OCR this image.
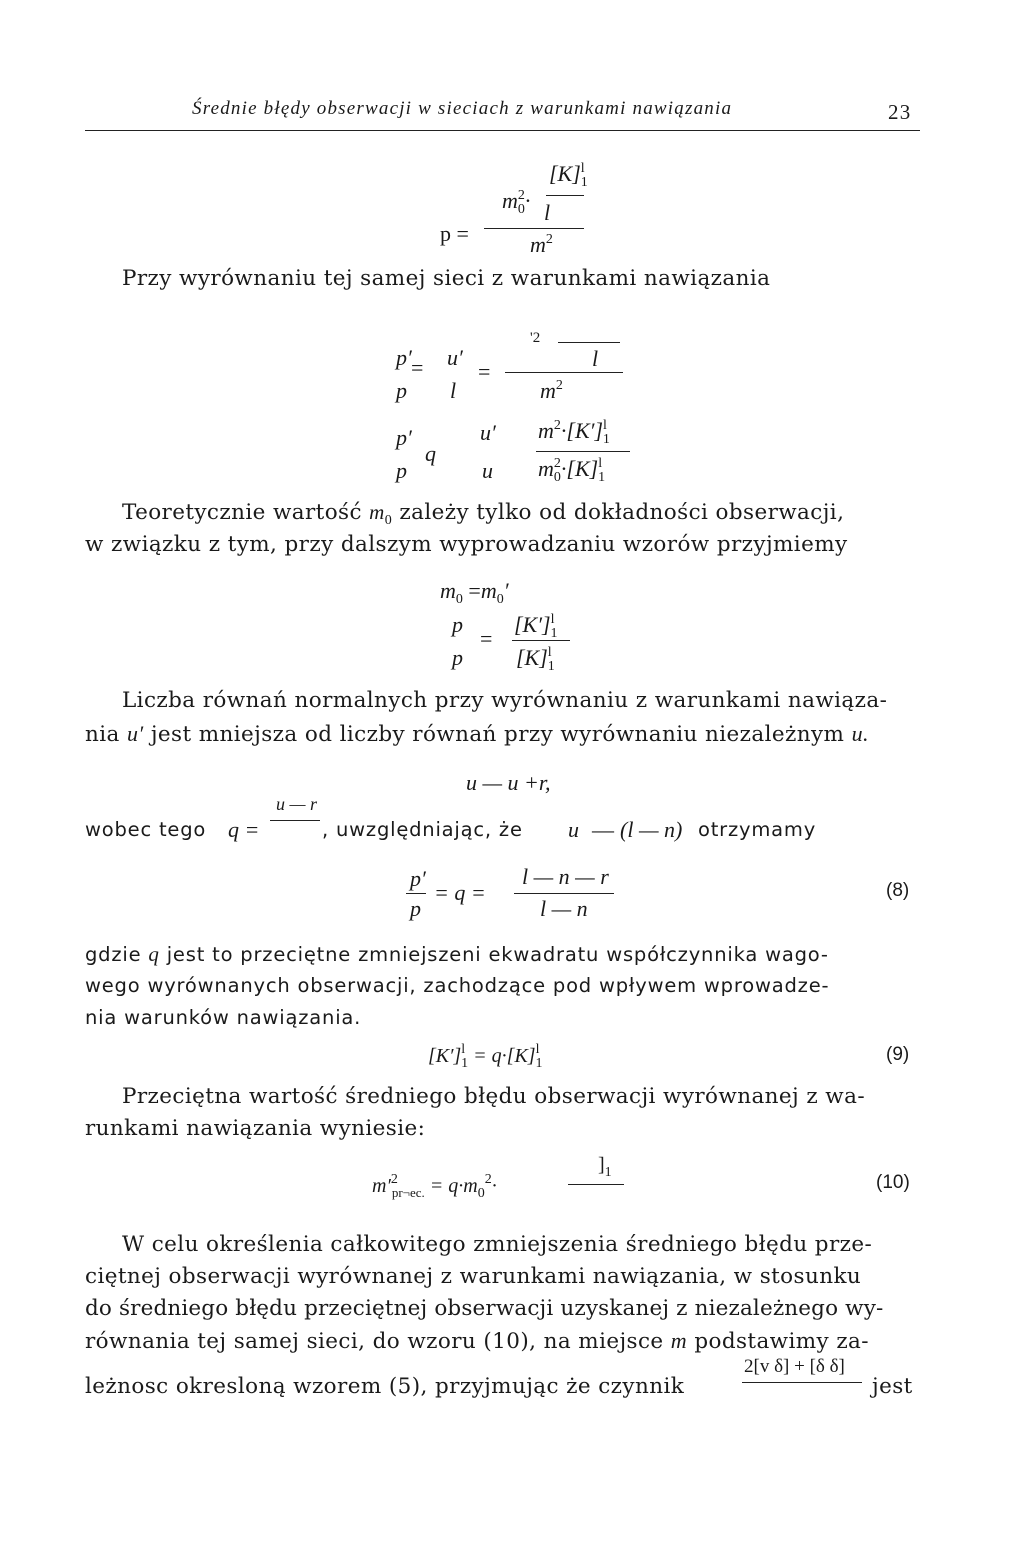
Średnie błędy obserwacji w sieciach z warunkami nawiązania	23
p =
$m^2_0\cdot$
$[K]^l_1$
l
$m^2$
Przy wyrównaniu tej samej sieci z warunkami nawiązania
p′ =
p
u′
l
=
'2
l
$m^2$
p′
p
q
u′
u
$m^2\cdot[K']^l_1$
$m^2_0\cdot[K]^l_1$
Teoretycznie wartość $m_0$ zależy tylko od dokładności obserwacji,
w związku z tym, przy dalszym wyprowadzaniu wzorów przyjmiemy
$m_0 =m_0'$
p
p
=
$[K']^l_1$
$[K]^l_1$
Liczba równań normalnych przy wyrównaniu z warunkami nawiąza-
nia u′ jest mniejsza od liczby równań przy wyrównaniu niezależnym u.
u — u +r,
wobec tego q =
u — r
, uwzględniając, że u — (l — n) otrzymamy
p′
p
= q =
l — n — r
l — n
(8)
gdzie q jest to przeciętne zmniejszeni ekwadratu współczynnika wago-
wego wyrównanych obserwacji, zachodzące pod wpływem wprowadze-
nia warunków nawiązania.
$[K']^l_1 = q\cdot[K]^l_1$	(9)
Przeciętna wartość średniego błędu obserwacji wyrównanej z wa-
runkami nawiązania wyniesie:
$m'^2_{pr\neg ec.} = q\cdot m_0^2\cdot$
]$_1$	(10)
W celu określenia całkowitego zmniejszenia średniego błędu prze-
ciętnej obserwacji wyrównanej z warunkami nawiązania, w stosunku
do średniego błędu przeciętnej obserwacji uzyskanej z niezależnego wy-
równania tej samej sieci, do wzoru (10), na miejsce m podstawimy za-
leżnosc okresloną wzorem (5), przyjmując że czynnik
2[v δ] + [δ δ]
jest
